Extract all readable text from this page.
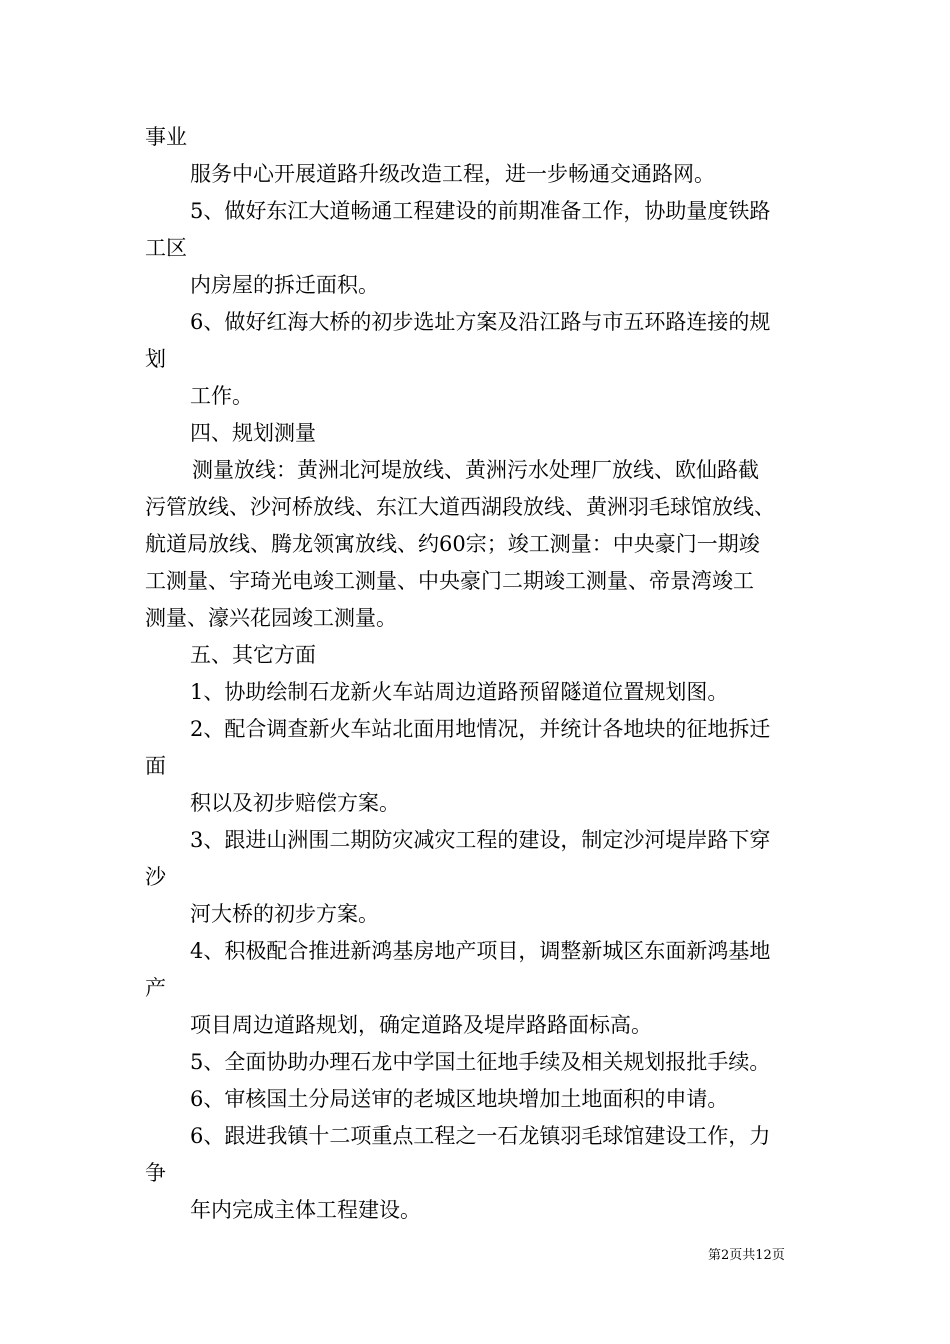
事业
服务中心开展道路升级改造工程，进一步畅通交通路网。
5、做好东江大道畅通工程建设的前期准备工作，协助量度铁路
工区
内房屋的拆迁面积。
6、做好红海大桥的初步选址方案及沿江路与市五环路连接的规
划
工作。
四、规划测量
测量放线：黄洲北河堤放线、黄洲污水处理厂放线、欧仙路截
污管放线、沙河桥放线、东江大道西湖段放线、黄洲羽毛球馆放线、
航道局放线、腾龙领寓放线、约60宗；竣工测量：中央豪门一期竣
工测量、宇琦光电竣工测量、中央豪门二期竣工测量、帝景湾竣工
测量、濠兴花园竣工测量。
五、其它方面
1、协助绘制石龙新火车站周边道路预留隧道位置规划图。
2、配合调查新火车站北面用地情况，并统计各地块的征地拆迁
面
积以及初步赔偿方案。
3、跟进山洲围二期防灾减灾工程的建设，制定沙河堤岸路下穿
沙
河大桥的初步方案。
4、积极配合推进新鸿基房地产项目，调整新城区东面新鸿基地
产
项目周边道路规划，确定道路及堤岸路路面标高。
5、全面协助办理石龙中学国土征地手续及相关规划报批手续。
6、审核国土分局送审的老城区地块增加土地面积的申请。
6、跟进我镇十二项重点工程之一石龙镇羽毛球馆建设工作，力
争
年内完成主体工程建设。
第2页共12页
